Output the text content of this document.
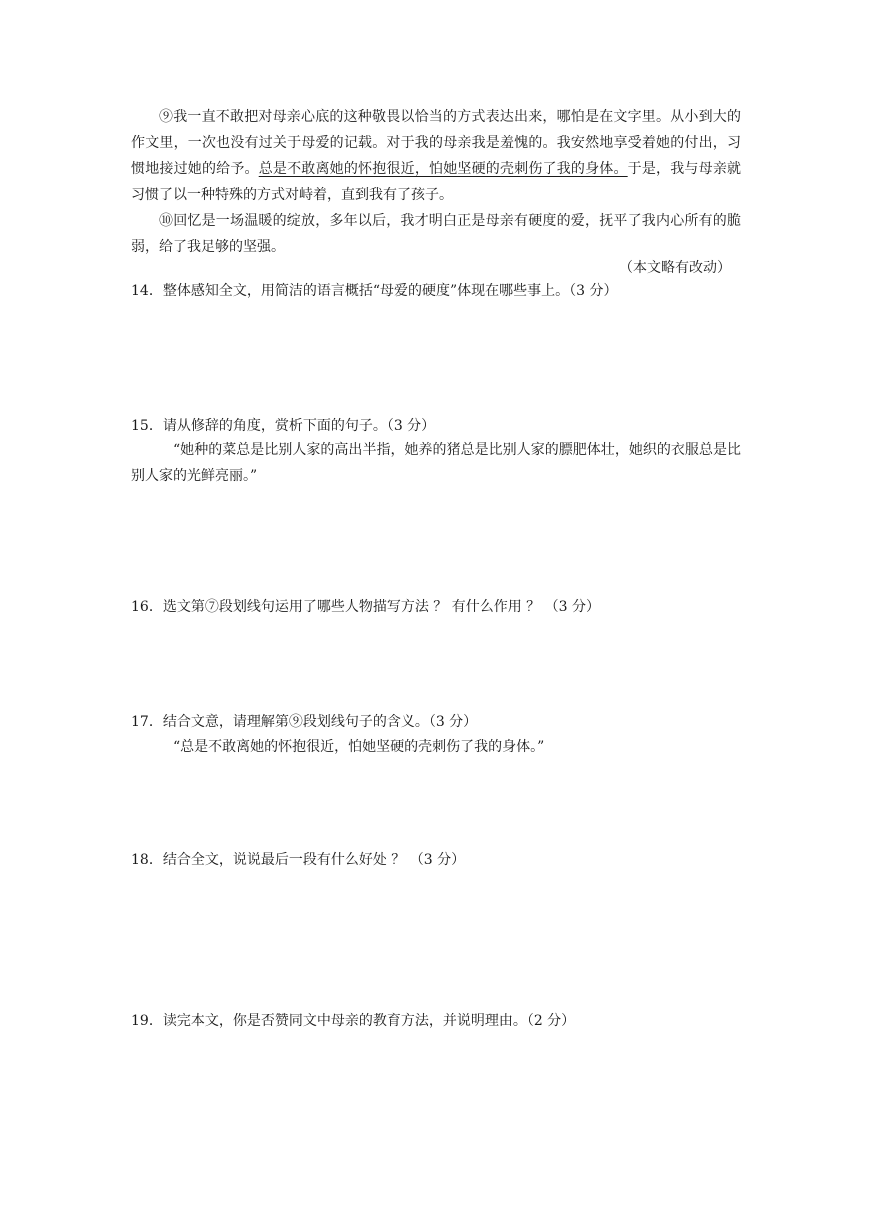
⑨我一直不敢把对母亲心底的这种敬畏以恰当的方式表达出来，哪怕是在文字里。从小到大的作文里，一次也没有过关于母爱的记载。对于我的母亲我是羞愧的。我安然地享受着她的付出，习惯地接过她的给予。总是不敢离她的怀抱很近，怕她坚硬的壳刺伤了我的身体。于是，我与母亲就习惯了以一种特殊的方式对峙着，直到我有了孩子。

⑩回忆是一场温暖的绽放，多年以后，我才明白正是母亲有硬度的爱，抚平了我内心所有的脆弱，给了我足够的坚强。

（本文略有改动）

14．整体感知全文，用简洁的语言概括“母爱的硬度”体现在哪些事上。（3 分）

15．请从修辞的角度，赏析下面的句子。（3 分）

“她种的菜总是比别人家的高出半指，她养的猪总是比别人家的膘肥体壮，她织的衣服总是比别人家的光鲜亮丽。”

16．选文第⑦段划线句运用了哪些人物描写方法 ？ 有什么作用 ？ （3 分）

17．结合文意，请理解第⑨段划线句子的含义。（3 分）

“总是不敢离她的怀抱很近，怕她坚硬的壳刺伤了我的身体。”

18．结合全文，说说最后一段有什么好处 ？ （3 分）

19．读完本文，你是否赞同文中母亲的教育方法，并说明理由。（2 分）
